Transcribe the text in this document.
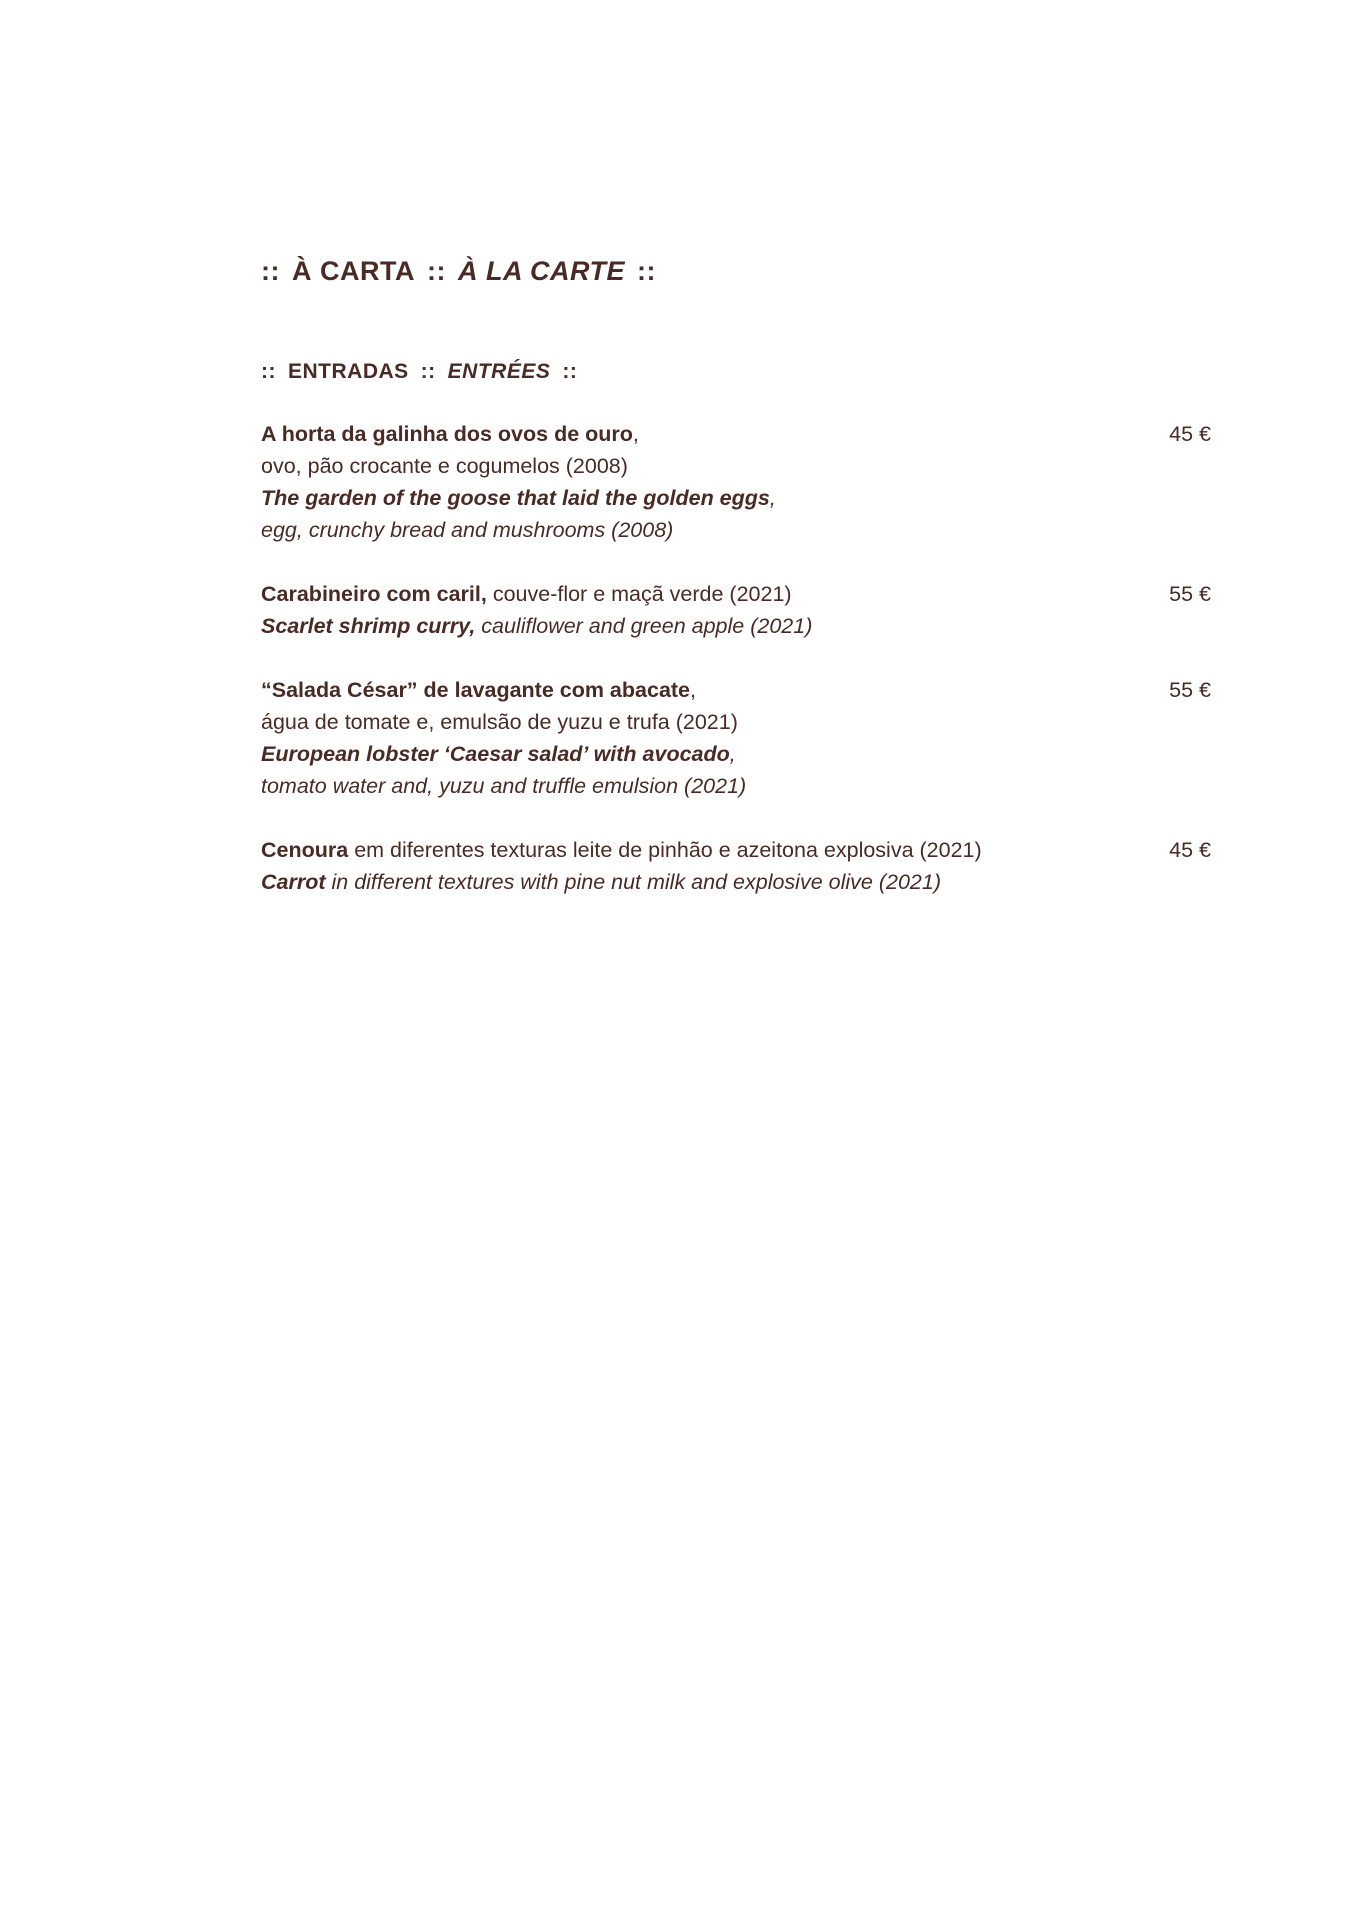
:: À CARTA :: À LA CARTE ::
:: ENTRADAS :: ENTRÉES ::
45 €
A horta da galinha dos ovos de ouro,
ovo, pão crocante e cogumelos (2008)
The garden of the goose that laid the golden eggs,
egg, crunchy bread and mushrooms (2008)
55 €
Carabineiro com caril, couve-flor e maçã verde (2021)
Scarlet shrimp curry, cauliflower and green apple (2021)
55 €
“Salada César” de lavagante com abacate,
água de tomate e, emulsão de yuzu e trufa (2021)
European lobster ‘Caesar salad’ with avocado,
tomato water and, yuzu and truffle emulsion (2021)
45 €
Cenoura em diferentes texturas leite de pinhão e azeitona explosiva (2021)
Carrot in different textures with pine nut milk and explosive olive (2021)
